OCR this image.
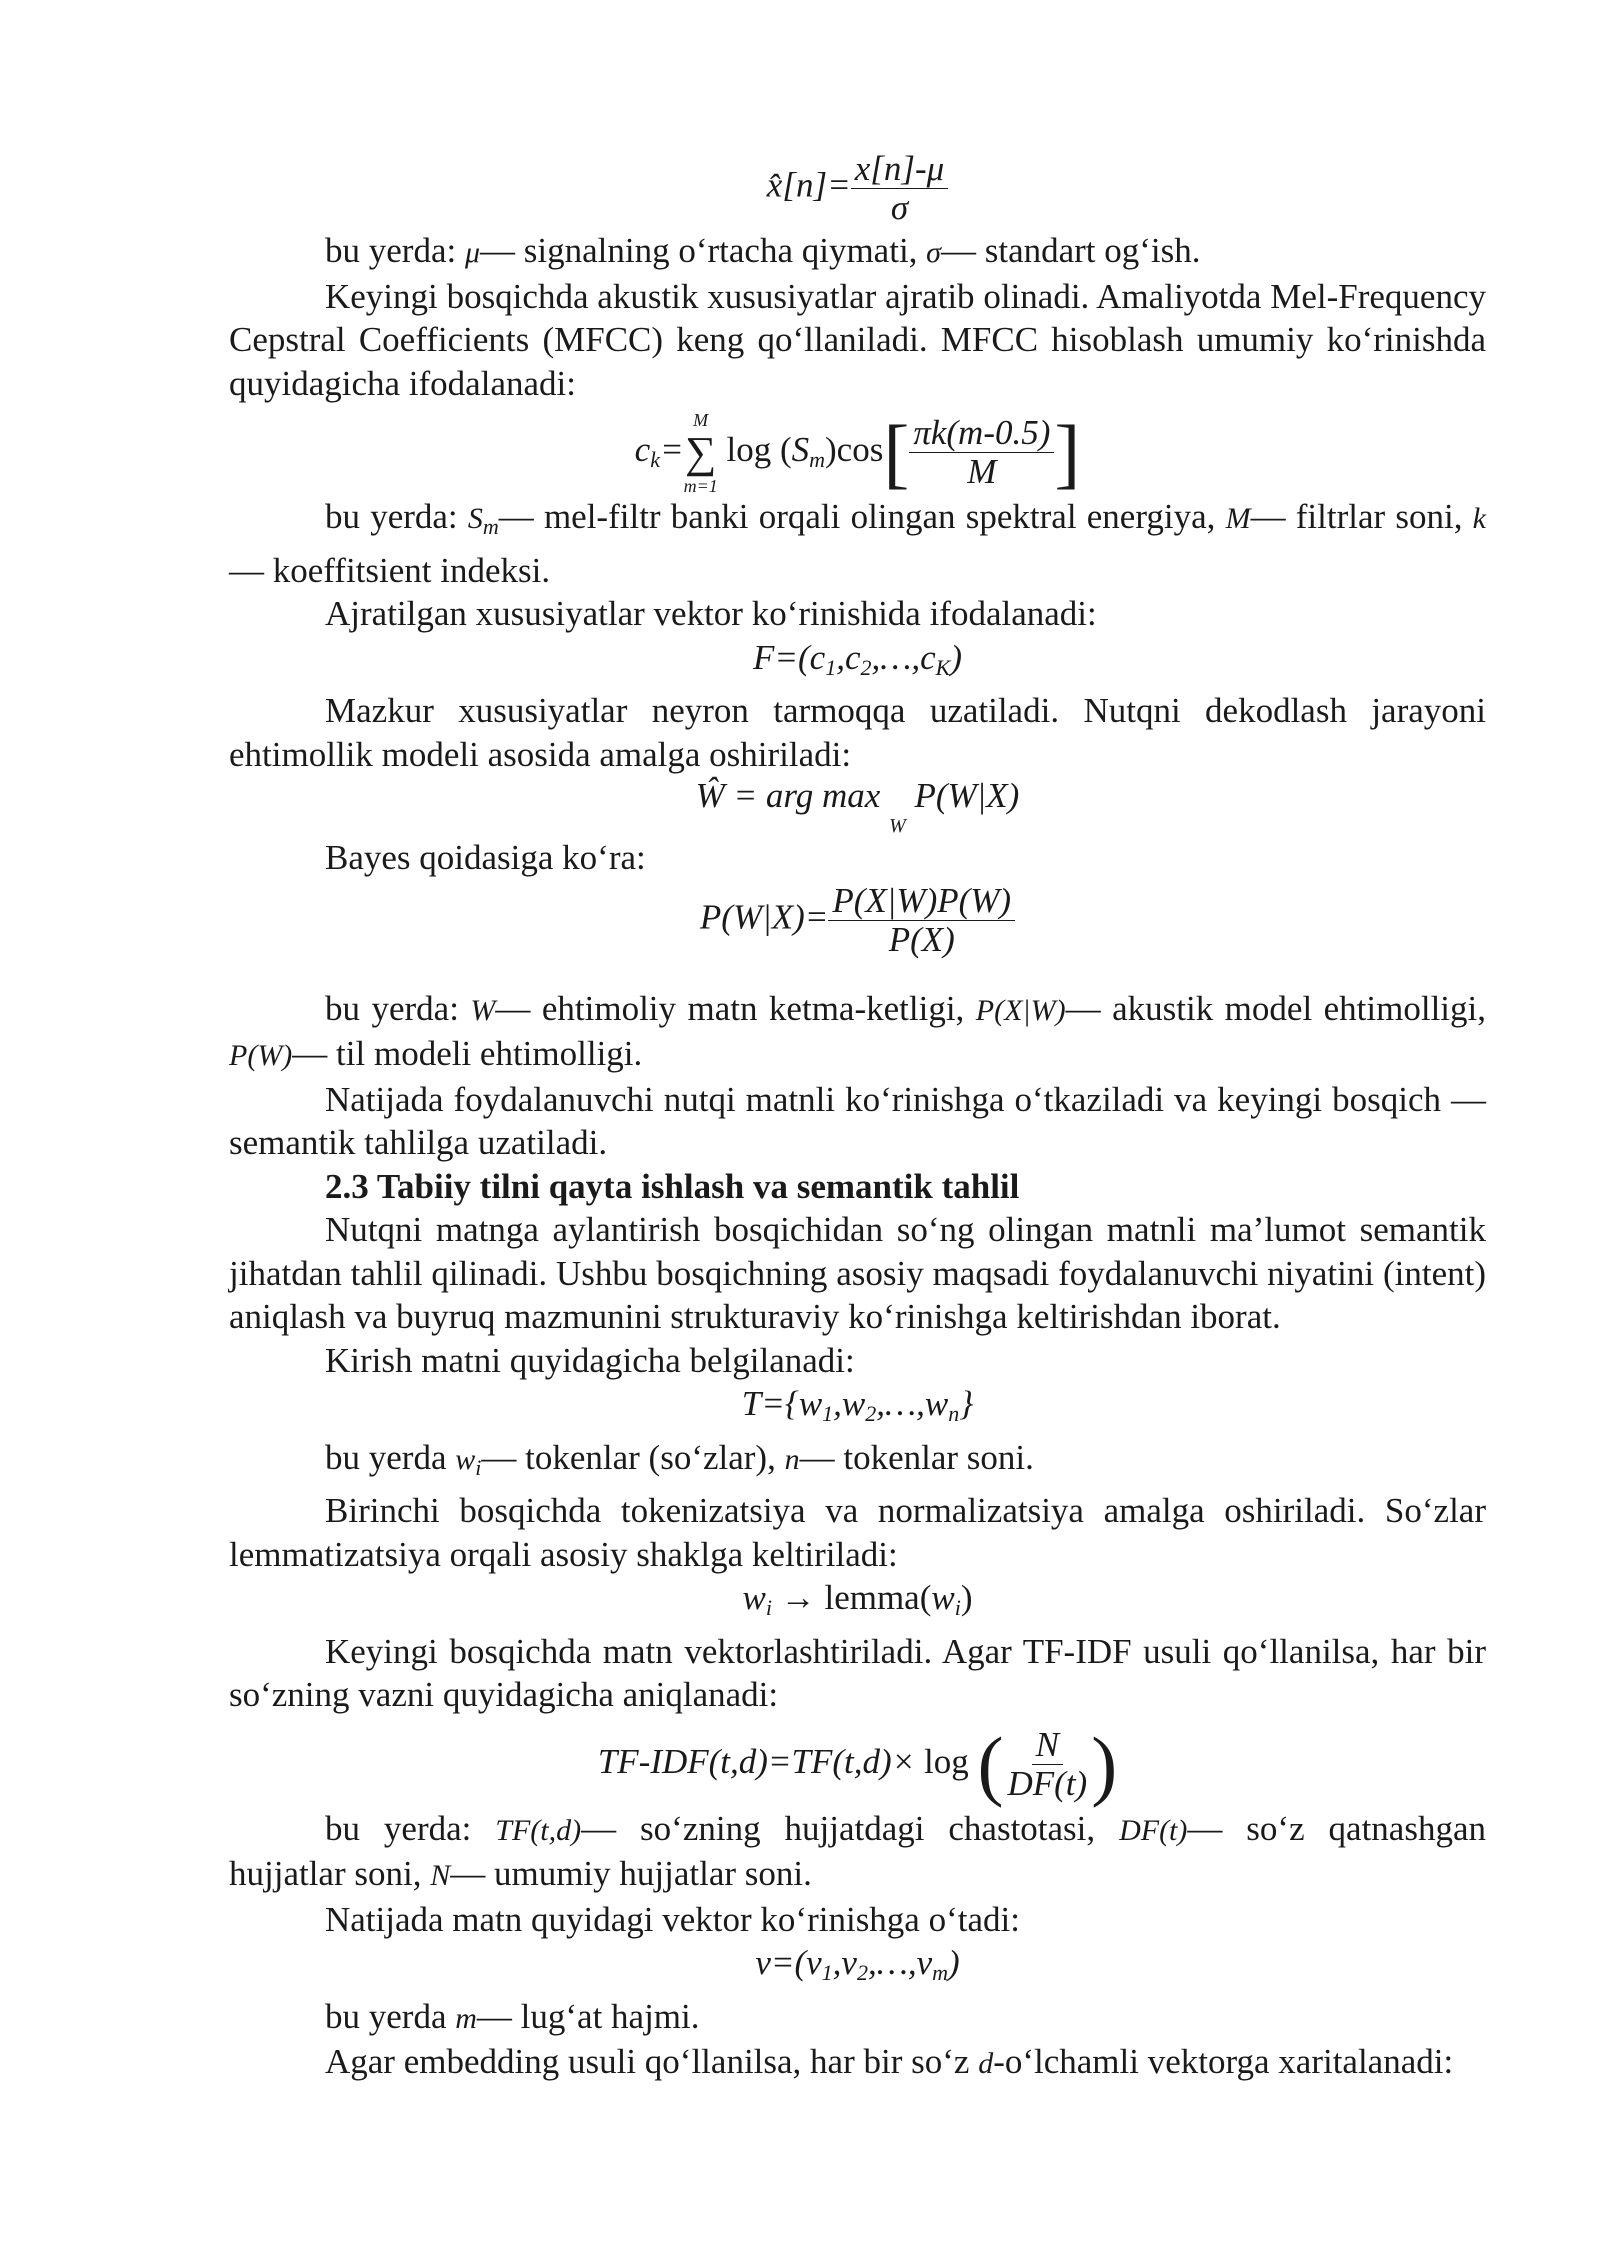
x̂[n]= $\frac{x[n]-\mu}{\sigma}$

bu yerda: μ— signalning o‘rtacha qiymati, σ— standart og‘ish.

Keyingi bosqichda akustik xususiyatlar ajratib olinadi. Amaliyotda Mel-Frequency Cepstral Coefficients (MFCC) keng qo‘llaniladi. MFCC hisoblash umumiy ko‘rinishda quyidagicha ifodalanadi:

$c_k=$
M
∑
m=1
$\log (S_m)\cos[ \frac{\pi k(m-0.5)}{M}$ ]

bu yerda: $S_m—$ mel-filtr banki orqali olingan spektral energiya, M— filtrlar soni, k— koeffitsient indeksi.

Ajratilgan xususiyatlar vektor ko‘rinishida ifodalanadi:

$F=(c_1,c_2,\dots,c_K)$

Mazkur xususiyatlar neyron tarmoqqa uzatiladi. Nutqni dekodlash jarayoni ehtimollik modeli asosida amalga oshiriladi:

Ŵ = arg max

W

P(W|X)

Bayes qoidasiga ko‘ra:

$P(W|X)= \frac{P(X|W)P(W)}{P(X)}$

bu yerda: W— ehtimoliy matn ketma-ketligi, P(X|W)— akustik model ehtimolligi, P(W)— til modeli ehtimolligi.

Natijada foydalanuvchi nutqi matnli ko‘rinishga o‘tkaziladi va keyingi bosqich — semantik tahlilga uzatiladi.

2.3 Tabiiy tilni qayta ishlash va semantik tahlil

Nutqni matnga aylantirish bosqichidan so‘ng olingan matnli ma’lumot semantik jihatdan tahlil qilinadi. Ushbu bosqichning asosiy maqsadi foydalanuvchi niyatini (intent) aniqlash va buyruq mazmunini strukturaviy ko‘rinishga keltirishdan iborat.

Kirish matni quyidagicha belgilanadi:

$T=\{w_1,w_2,\dots,w_n\}$

bu yerda $w_i—$ tokenlar (so‘zlar), n— tokenlar soni.

Birinchi bosqichda tokenizatsiya va normalizatsiya amalga oshiriladi. So‘zlar lemmatizatsiya orqali asosiy shaklga keltiriladi:

$w_i$ → $lemma(w_i)$

Keyingi bosqichda matn vektorlashtiriladi. Agar TF-IDF usuli qo‘llanilsa, har bir so‘zning vazni quyidagicha aniqlanadi:

TF-IDF(t,d)=TF(t,d)× log ( $\frac{N}{DF(t)}$ )

bu yerda: TF(t,d)— so‘zning hujjatdagi chastotasi, DF(t)— so‘z qatnashgan hujjatlar soni, N— umumiy hujjatlar soni.

Natijada matn quyidagi vektor ko‘rinishga o‘tadi:

$v=(v_1,v_2,\dots,v_m)$

bu yerda m— lug‘at hajmi.

Agar embedding usuli qo‘llanilsa, har bir so‘z d-o‘lchamli vektorga xaritalanadi:
